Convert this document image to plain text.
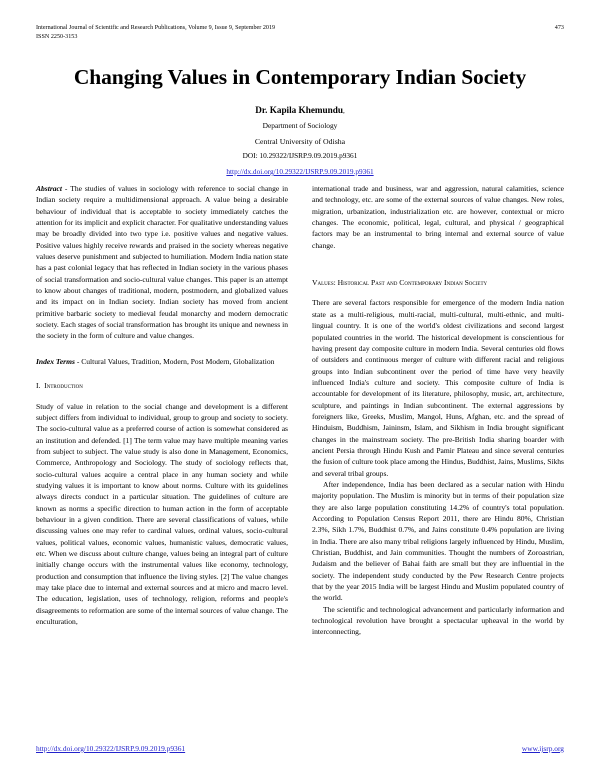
International Journal of Scientific and Research Publications, Volume 9, Issue 9, September 2019
ISSN 2250-3153
473
Changing Values in Contemporary Indian Society
Dr. Kapila Khemundu,
Department of Sociology
Central University of Odisha
DOI: 10.29322/IJSRP.9.09.2019.p9361
http://dx.doi.org/10.29322/IJSRP.9.09.2019.p9361

Abstract - The studies of values in sociology with reference to social change in Indian society require a multidimensional approach. A value being a desirable behaviour of individual that is acceptable to society immediately catches the attention for its implicit and explicit character. For qualitative understanding values may be broadly divided into two type i.e. positive values and negative values. Positive values highly receive rewards and praised in the society whereas negative values deserve punishment and subjected to humiliation. Modern India nation state has a past colonial legacy that has reflected in Indian society in the various phases of social transformation and socio-cultural value changes. This paper is an attempt to know about changes of traditional, modern, postmodern, and globalized values and its impact on in Indian society. Indian society has moved from ancient primitive barbaric society to medieval feudal monarchy and modern democratic society. Each stages of social transformation has brought its unique and newness in the society in the form of culture and value changes.

Index Terms - Cultural Values, Tradition, Modern, Post Modern, Globalization

I. Introduction

Study of value in relation to the social change and development is a different subject differs from individual to individual, group to group and society to society. The socio-cultural value as a preferred course of action is somewhat considered as an institution and defended. [1] The term value may have multiple meaning varies from subject to subject. The value study is also done in Management, Economics, Commerce, Anthropology and Sociology. The study of sociology reflects that, socio-cultural values acquire a central place in any human society and while studying values it is important to know about norms. Culture with its guidelines always directs conduct in a particular situation. The guidelines of culture are known as norms a specific direction to human action in the form of acceptable behaviour in a given condition. There are several classifications of values, while discussing values one may refer to cardinal values, ordinal values, socio-cultural values, political values, economic values, humanistic values, democratic values, etc. When we discuss about culture change, values being an integral part of culture initially change occurs with the instrumental values like economy, technology, production and consumption that influence the living styles. [2] The value changes may take place due to internal and external sources and at micro and macro level. The education, legislation, uses of technology, religion, reforms and people's disagreements to reformation are some of the internal sources of value change. The enculturation,

international trade and business, war and aggression, natural calamities, science and technology, etc. are some of the external sources of value changes. New roles, migration, urbanization, industrialization etc. are however, contextual or micro changes. The economic, political, legal, cultural, and physical / geographical factors may be an instrumental to bring internal and external source of value change.

Values: Historical Past and Contemporary Indian Society

There are several factors responsible for emergence of the modern India nation state as a multi-religious, multi-racial, multi-cultural, multi-ethnic, and multi-lingual country. It is one of the world's oldest civilizations and second largest populated countries in the world. The historical development is conscientious for having present day composite culture in modern India. Several centuries old flows of outsiders and continuous merger of culture with different racial and religious groups into Indian subcontinent over the period of time have very heavily influenced India's culture and society. This composite culture of India is accountable for development of its literature, philosophy, music, art, architecture, sculpture, and paintings in Indian subcontinent. The external aggressions by foreigners like, Greeks, Muslim, Mangol, Huns, Afghan, etc. and the spread of Hinduism, Buddhism, Jaininsm, Islam, and Sikhism in India brought significant changes in the mainstream society. The pre-British India sharing boarder with ancient Persia through Hindu Kush and Pamir Plateau and since several centuries the fusion of culture took place among the Hindus, Buddhist, Jains, Muslims, Sikhs and several tribal groups.

After independence, India has been declared as a secular nation with Hindu majority population. The Muslim is minority but in terms of their population size they are also large population constituting 14.2% of country's total population. According to Population Census Report 2011, there are Hindu 80%, Christian 2.3%, Sikh 1.7%, Buddhist 0.7%, and Jains constitute 0.4% population are living in India. There are also many tribal religions largely influenced by Hindu, Muslim, Christian, Buddhist, and Jain communities. Thought the numbers of Zoroastrian, Judaism and the believer of Bahai faith are small but they are influential in the society. The independent study conducted by the Pew Research Centre projects that by the year 2015 India will be largest Hindu and Muslim populated country of the world.

The scientific and technological advancement and particularly information and technological revolution have brought a spectacular upheaval in the world by interconnecting,

http://dx.doi.org/10.29322/IJSRP.9.09.2019.p9361	www.ijsrp.org
